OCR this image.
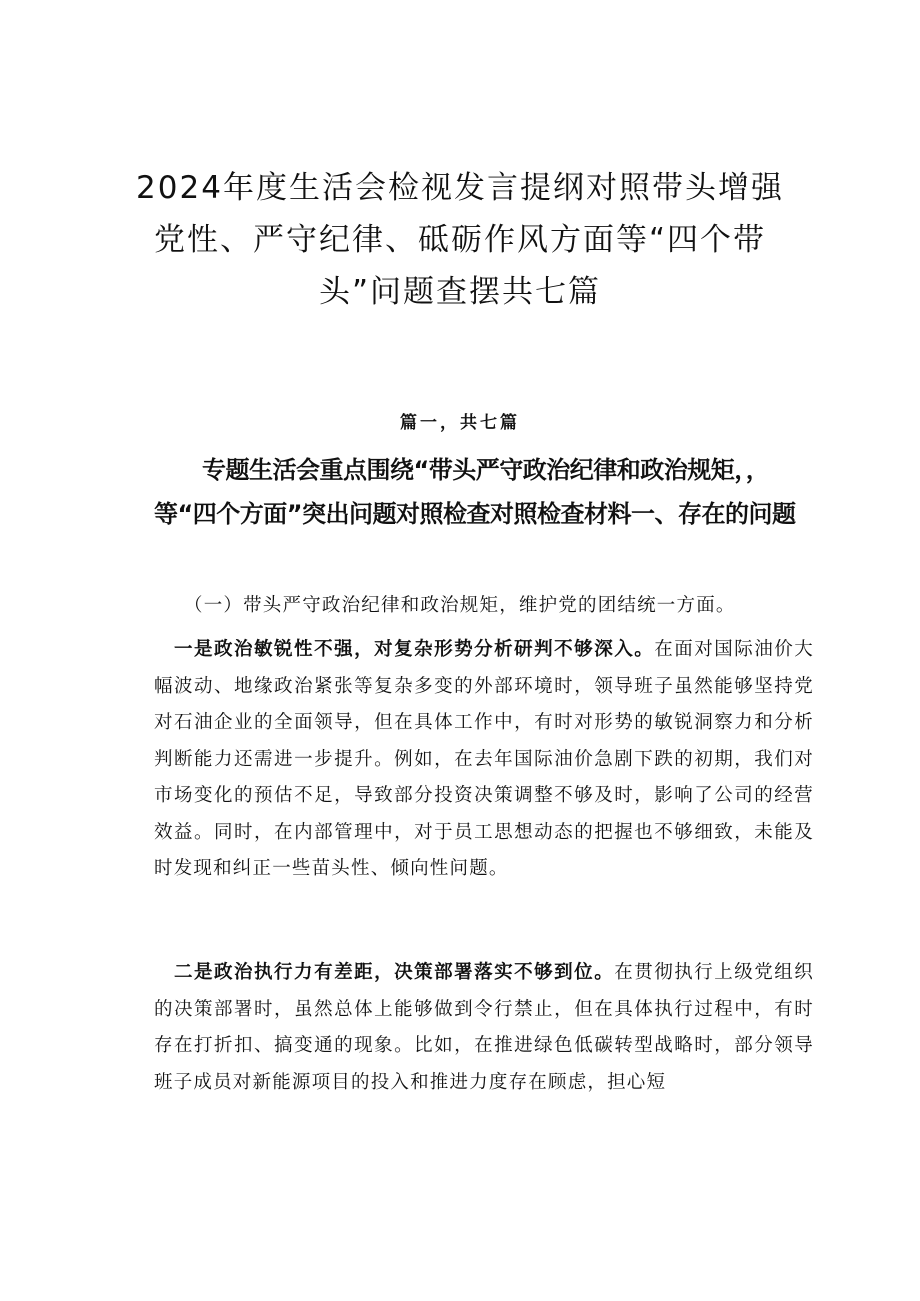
2024年度生活会检视发言提纲对照带头增强党性、严守纪律、砥砺作风方面等“四个带头”问题查摆共七篇
篇一，共七篇
专题生活会重点围绕“带头严守政治纪律和政治规矩，，等“四个方面”突出问题对照检查对照检查材料一、存在的问题

（一）带头严守政治纪律和政治规矩，维护党的团结统一方面。

一是政治敏锐性不强，对复杂形势分析研判不够深入。在面对国际油价大幅波动、地缘政治紧张等复杂多变的外部环境时，领导班子虽然能够坚持党对石油企业的全面领导，但在具体工作中，有时对形势的敏锐洞察力和分析判断能力还需进一步提升。例如，在去年国际油价急剧下跌的初期，我们对市场变化的预估不足，导致部分投资决策调整不够及时，影响了公司的经营效益。同时，在内部管理中，对于员工思想动态的把握也不够细致，未能及时发现和纠正一些苗头性、倾向性问题。

二是政治执行力有差距，决策部署落实不够到位。在贯彻执行上级党组织的决策部署时，虽然总体上能够做到令行禁止，但在具体执行过程中，有时存在打折扣、搞变通的现象。比如，在推进绿色低碳转型战略时，部分领导班子成员对新能源项目的投入和推进力度存在顾虑，担心短
